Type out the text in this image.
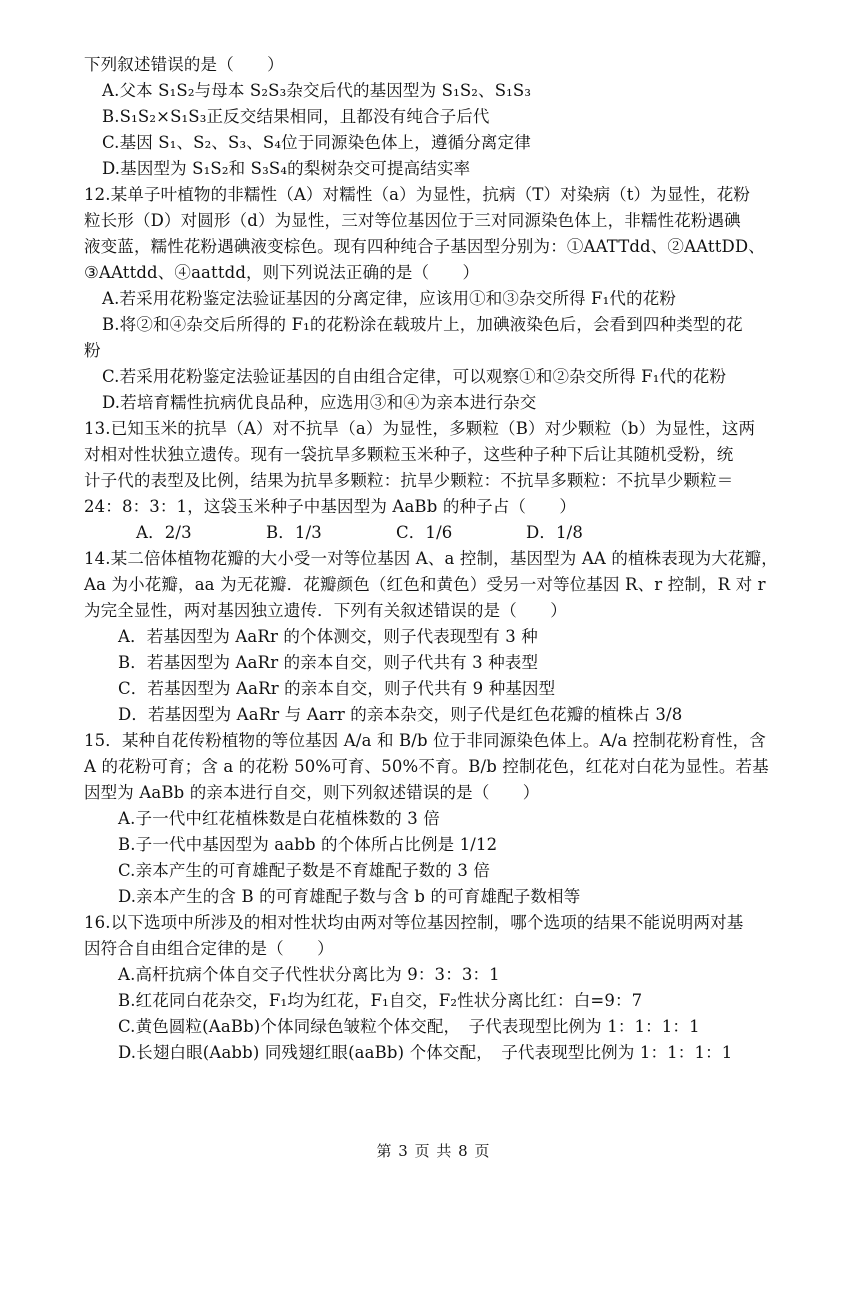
下列叙述错误的是（　　）
A.父本 S₁S₂与母本 S₂S₃杂交后代的基因型为 S₁S₂、S₁S₃
B.S₁S₂×S₁S₃正反交结果相同，且都没有纯合子后代
C.基因 S₁、S₂、S₃、S₄位于同源染色体上，遵循分离定律
D.基因型为 S₁S₂和 S₃S₄的梨树杂交可提高结实率
12.某单子叶植物的非糯性（A）对糯性（a）为显性，抗病（T）对染病（t）为显性，花粉
粒长形（D）对圆形（d）为显性，三对等位基因位于三对同源染色体上，非糯性花粉遇碘
液变蓝，糯性花粉遇碘液变棕色。现有四种纯合子基因型分别为：①AATTdd、②AAttDD、
③AAttdd、④aattdd，则下列说法正确的是（　　）
A.若采用花粉鉴定法验证基因的分离定律，应该用①和③杂交所得 F₁代的花粉
B.将②和④杂交后所得的 F₁的花粉涂在载玻片上，加碘液染色后，会看到四种类型的花
粉
C.若采用花粉鉴定法验证基因的自由组合定律，可以观察①和②杂交所得 F₁代的花粉
D.若培育糯性抗病优良品种，应选用③和④为亲本进行杂交
13.已知玉米的抗旱（A）对不抗旱（a）为显性，多颗粒（B）对少颗粒（b）为显性，这两
对相对性状独立遗传。现有一袋抗旱多颗粒玉米种子，这些种子种下后让其随机受粉，统
计子代的表型及比例，结果为抗旱多颗粒：抗旱少颗粒：不抗旱多颗粒：不抗旱少颗粒＝
24：8：3：1，这袋玉米种子中基因型为 AaBb 的种子占（　　）
A．2/3	B．1/3	C．1/6	D．1/8
14.某二倍体植物花瓣的大小受一对等位基因 A、a 控制，基因型为 AA 的植株表现为大花瓣，
Aa 为小花瓣，aa 为无花瓣．花瓣颜色（红色和黄色）受另一对等位基因 R、r 控制，R 对 r
为完全显性，两对基因独立遗传．下列有关叙述错误的是（　　）
A．若基因型为 AaRr 的个体测交，则子代表现型有 3 种
B．若基因型为 AaRr 的亲本自交，则子代共有 3 种表型
C．若基因型为 AaRr 的亲本自交，则子代共有 9 种基因型
D．若基因型为 AaRr 与 Aarr 的亲本杂交，则子代是红色花瓣的植株占 3/8
15．某种自花传粉植物的等位基因 A/a 和 B/b 位于非同源染色体上。A/a 控制花粉育性，含
A 的花粉可育；含 a 的花粉 50%可育、50%不育。B/b 控制花色，红花对白花为显性。若基
因型为 AaBb 的亲本进行自交，则下列叙述错误的是（　　）
A.子一代中红花植株数是白花植株数的 3 倍
B.子一代中基因型为 aabb 的个体所占比例是 1/12
C.亲本产生的可育雄配子数是不育雄配子数的 3 倍
D.亲本产生的含 B 的可育雄配子数与含 b 的可育雄配子数相等
16.以下选项中所涉及的相对性状均由两对等位基因控制，哪个选项的结果不能说明两对基
因符合自由组合定律的是（　　）
A.高杆抗病个体自交子代性状分离比为 9：3：3：1
B.红花同白花杂交，F₁均为红花，F₁自交，F₂性状分离比红：白=9：7
C.黄色圆粒(AaBb)个体同绿色皱粒个体交配，　子代表现型比例为 1：1：1：1
D.长翅白眼(Aabb) 同残翅红眼(aaBb) 个体交配，　子代表现型比例为 1：1：1：1
第 3 页 共 8 页
